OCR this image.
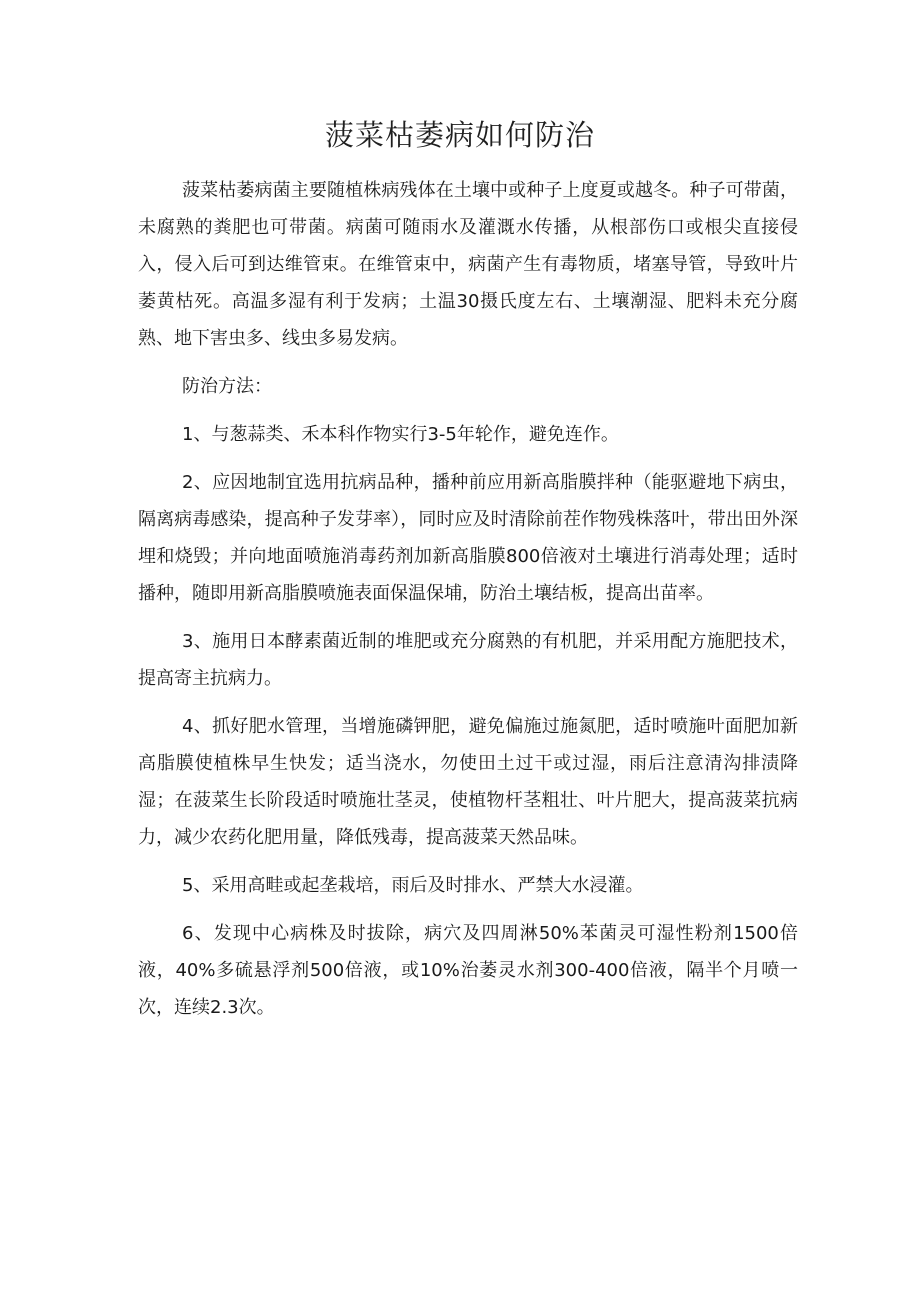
菠菜枯萎病如何防治

菠菜枯萎病菌主要随植株病残体在土壤中或种子上度夏或越冬。种子可带菌，未腐熟的粪肥也可带菌。病菌可随雨水及灌溉水传播，从根部伤口或根尖直接侵入，侵入后可到达维管束。在维管束中，病菌产生有毒物质，堵塞导管，导致叶片萎黄枯死。高温多湿有利于发病；土温30摄氏度左右、土壤潮湿、肥料未充分腐熟、地下害虫多、线虫多易发病。

防治方法：

1、与葱蒜类、禾本科作物实行3-5年轮作，避免连作。

2、应因地制宜选用抗病品种，播种前应用新高脂膜拌种（能驱避地下病虫，隔离病毒感染，提高种子发芽率），同时应及时清除前茬作物残株落叶，带出田外深埋和烧毁；并向地面喷施消毒药剂加新高脂膜800倍液对土壤进行消毒处理；适时播种，随即用新高脂膜喷施表面保温保埔，防治土壤结板，提高出苗率。

3、施用日本酵素菌近制的堆肥或充分腐熟的有机肥，并采用配方施肥技术，提高寄主抗病力。

4、抓好肥水管理，当增施磷钾肥，避免偏施过施氮肥，适时喷施叶面肥加新高脂膜使植株早生快发；适当浇水，勿使田土过干或过湿，雨后注意清沟排渍降湿；在菠菜生长阶段适时喷施壮茎灵，使植物杆茎粗壮、叶片肥大，提高菠菜抗病力，减少农药化肥用量，降低残毒，提高菠菜天然品味。

5、采用高畦或起垄栽培，雨后及时排水、严禁大水浸灌。

6、发现中心病株及时拔除，病穴及四周淋50%苯菌灵可湿性粉剂1500倍液，40%多硫悬浮剂500倍液，或10%治萎灵水剂300-400倍液，隔半个月喷一次，连续2.3次。
